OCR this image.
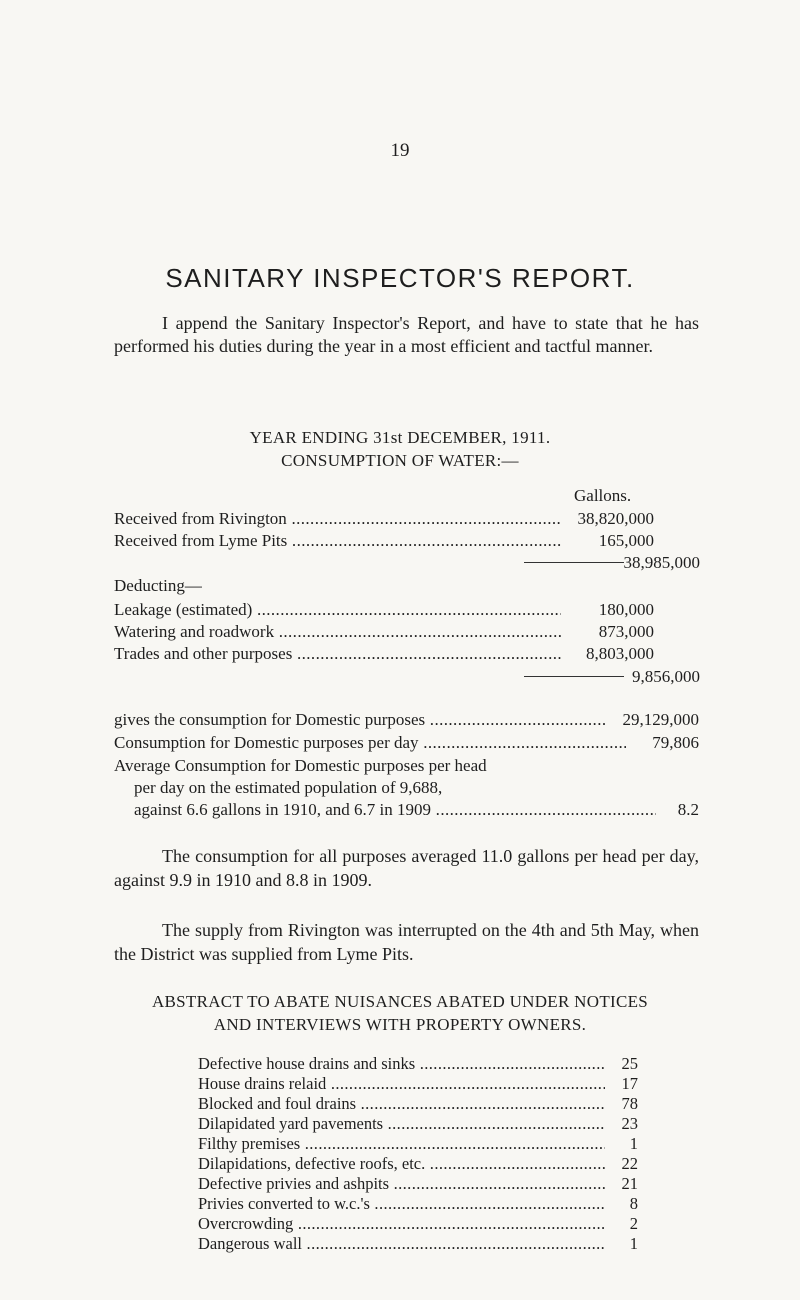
19
SANITARY INSPECTOR'S REPORT.

I append the Sanitary Inspector's Report, and have to state that he has performed his duties during the year in a most efficient and tactful manner.

YEAR ENDING 31st DECEMBER, 1911.
CONSUMPTION OF WATER:—
Gallons.
Received from Rivington .....	38,820,000
Received from Lyme Pits .....	165,000
38,985,000
Deducting—
Leakage (estimated) .....	180,000
Watering and roadwork .....	873,000
Trades and other purposes .....	8,803,000
9,856,000
gives the consumption for Domestic purposes .....	29,129,000
Consumption for Domestic purposes per day .....	79,806
Average Consumption for Domestic purposes per head
per day on the estimated population of 9,688,
against 6.6 gallons in 1910, and 6.7 in 1909 .....	8.2

The consumption for all purposes averaged 11.0 gallons per head per day, against 9.9 in 1910 and 8.8 in 1909.

The supply from Rivington was interrupted on the 4th and 5th May, when the District was supplied from Lyme Pits.

ABSTRACT TO ABATE NUISANCES ABATED UNDER NOTICES
AND INTERVIEWS WITH PROPERTY OWNERS.
Defective house drains and sinks .....	25
House drains relaid .....	17
Blocked and foul drains .....	78
Dilapidated yard pavements .....	23
Filthy premises .....	1
Dilapidations, defective roofs, etc. .....	22
Defective privies and ashpits .....	21
Privies converted to w.c.'s .....	8
Overcrowding .....	2
Dangerous wall .....	1
